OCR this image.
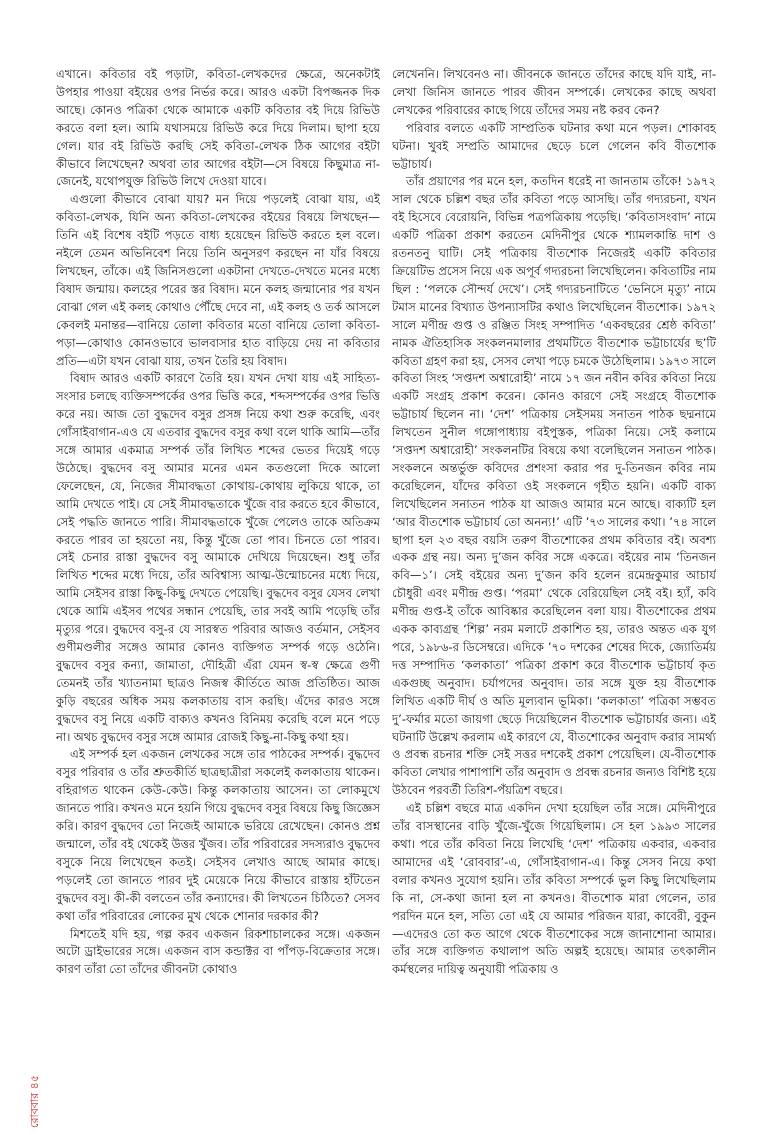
এখানে। কবিতার বই পড়াটা, কবিতা-লেখকদের ক্ষেত্রে, অনেকটাই উপহার পাওয়া বইয়ের ওপর নির্ভর করে। আরও একটা বিপজ্জনক দিক আছে। কোনও পত্রিকা থেকে আমাকে একটি কবিতার বই দিয়ে রিভিউ করতে বলা হল। আমি যথাসময়ে রিভিউ করে দিয়ে দিলাম। ছাপা হয়ে গেল। যার বই রিভিউ করছি সেই কবিতা-লেখক ঠিক আগের বইটা কীভাবে লিখেছেন? অথবা তার আগের বইটা—সে বিষয়ে কিছুমাত্র না-জেনেই, যথোপযুক্ত রিভিউ লিখে দেওয়া যাবে।

এগুলো কীভাবে বোঝা যায়? মন দিয়ে পড়লেই বোঝা যায়, এই কবিতা-লেখক, যিনি অন্য কবিতা-লেখকের বইয়ের বিষয়ে লিখছেন—তিনি এই বিশেষ বইটি পড়তে বাধ্য হয়েছেন রিভিউ করতে হল বলে। নইলে তেমন অভিনিবেশ নিয়ে তিনি অনুসরণ করছেন না যাঁর বিষয়ে লিখছেন, তাঁকে। এই জিনিসগুলো একটানা দেখতে-দেখতে মনের মধ্যে বিষাদ জন্মায়। কলহের পরের স্তর বিষাদ। মনে কলহ জন্মানোর পর যখন বোঝা গেল এই কলহ কোথাও পৌঁছে দেবে না, এই কলহ ও তর্ক আসলে কেবলই মনান্তর—বানিয়ে তোলা কবিতার মতো বানিয়ে তোলা কবিতা-পড়া—কোথাও কোনওভাবে ভালবাসার হাত বাড়িয়ে দেয় না কবিতার প্রতি—এটা যখন বোঝা যায়, তখন তৈরি হয় বিষাদ।

বিষাদ আরও একটি কারণে তৈরি হয়। যখন দেখা যায় এই সাহিত্য-সংসার চলছে ব্যক্তিসম্পর্কের ওপর ভিত্তি করে, শব্দসম্পর্কের ওপর ভিত্তি করে নয়। আজ তো বুদ্ধদেব বসুর প্রসঙ্গ নিয়ে কথা শুরু করেছি, এবং গোঁসাইবাগান-এও যে এতবার বুদ্ধদেব বসুর কথা বলে থাকি আমি—তাঁর সঙ্গে আমার একমাত্র সম্পর্ক তাঁর লিখিত শব্দের ভেতর দিয়েই গড়ে উঠেছে। বুদ্ধদেব বসু আমার মনের এমন কতগুলো দিকে আলো ফেলেছেন, যে, নিজের সীমাবদ্ধতা কোথায়-কোথায় লুকিয়ে থাকে, তা আমি দেখতে পাই। যে সেই সীমাবদ্ধতাকে খুঁজে বার করতে হবে কীভাবে, সেই পদ্ধতি জানতে পারি। সীমাবদ্ধতাকে খুঁজে পেলেও তাকে অতিক্রম করতে পারব তা হয়তো নয়, কিন্তু খুঁজে তো পাব। চিনতে তো পারব। সেই চেনার রাস্তা বুদ্ধদেব বসু আমাকে দেখিয়ে দিয়েছেন। শুধু তাঁর লিখিত শব্দের মধ্যে দিয়ে, তাঁর অবিশ্বাস্য আত্ম-উন্মোচনের মধ্যে দিয়ে, আমি সেইসব রাস্তা কিছু-কিছু দেখতে পেয়েছি। বুদ্ধদেব বসুর যেসব লেখা থেকে আমি এইসব পথের সন্ধান পেয়েছি, তার সবই আমি পড়েছি তাঁর মৃত্যুর পরে। বুদ্ধদেব বসু-র যে সারস্বত পরিবার আজও বর্তমান, সেইসব গুণীমণ্ডলীর সঙ্গেও আমার কোনও ব্যক্তিগত সম্পর্ক গড়ে ওঠেনি। বুদ্ধদেব বসুর কন্যা, জামাতা, দৌহিত্রী এঁরা যেমন স্ব-স্ব ক্ষেত্রে গুণী তেমনই তাঁর খ্যাতনামা ছাত্রও নিজস্ব কীর্তিতে আজ প্রতিষ্ঠিত। আজ কুড়ি বছরের অধিক সময় কলকাতায় বাস করছি। এঁদের কারও সঙ্গে বুদ্ধদেব বসু নিয়ে একটি বাক্যও কখনও বিনিময় করেছি বলে মনে পড়ে না। অথচ বুদ্ধদেব বসুর সঙ্গে আমার রোজই কিছু-না-কিছু কথা হয়।

এই সম্পর্ক হল একজন লেখকের সঙ্গে তার পাঠকের সম্পর্ক। বুদ্ধদেব বসুর পরিবার ও তাঁর শ্রুতকীর্তি ছাত্রছাত্রীরা সকলেই কলকাতায় থাকেন। বহিরাগত থাকেন কেউ-কেউ। কিন্তু কলকাতায় আসেন। তা লোকমুখে জানতে পারি। কখনও মনে হয়নি গিয়ে বুদ্ধদেব বসুর বিষয়ে কিছু জিজ্ঞেস করি। কারণ বুদ্ধদেব তো নিজেই আমাকে ভরিয়ে রেখেছেন। কোনও প্রশ্ন জন্মালে, তাঁর বই থেকেই উত্তর খুঁজব। তাঁর পরিবারের সদস্যরাও বুদ্ধদেব বসুকে নিয়ে লিখেছেন কতই। সেইসব লেখাও আছে আমার কাছে। পড়লেই তো জানতে পারব দুই মেয়েকে নিয়ে কীভাবে রাস্তায় হাঁটতেন বুদ্ধদেব বসু। কী-কী বলতেন তাঁর কন্যাদের। কী লিখতেন চিঠিতে? সেসব কথা তাঁর পরিবারের লোকের মুখ থেকে শোনার দরকার কী?

মিশতেই যদি হয়, গল্প করব একজন রিকশাচালকের সঙ্গে। একজন অটো ড্রাইভারের সঙ্গে। একজন বাস কন্ডাক্টর বা পাঁপড়-বিক্রেতার সঙ্গে। কারণ তাঁরা তো তাঁদের জীবনটা কোথাও

লেখেননি। লিখবেনও না। জীবনকে জানতে তাঁদের কাছে যদি যাই, না-লেখা জিনিস জানতে পারব জীবন সম্পর্কে। লেখকের কাছে অথবা লেখকের পরিবারের কাছে গিয়ে তাঁদের সময় নষ্ট করব কেন?

পরিবার বলতে একটি সাম্প্রতিক ঘটনার কথা মনে পড়ল। শোকাবহ ঘটনা। খুবই সম্প্রতি আমাদের ছেড়ে চলে গেলেন কবি বীতশোক ভট্টাচার্য।

তাঁর প্রয়াণের পর মনে হল, কতদিন ধরেই না জানতাম তাঁকে! ১৯৭২ সাল থেকে চল্লিশ বছর তাঁর কবিতা পড়ে আসছি। তাঁর গদ্যরচনা, যখন বই হিসেবে বেরোয়নি, বিভিন্ন পত্রপত্রিকায় পড়েছি। ‘কবিতাসংবাদ’ নামে একটি পত্রিকা প্রকাশ করতেন মেদিনীপুর থেকে শ্যামলকান্তি দাশ ও রতনতনু ঘাটি। সেই পত্রিকায় বীতশোক নিজেরই একটি কবিতার ক্রিয়েটিভ প্রসেস নিয়ে এক অপূর্ব গদ্যরচনা লিখেছিলেন। কবিতাটির নাম ছিল : ‘পলকে সৌন্দর্য দেখে’। সেই গদ্যরচনাটিতে ‘ভেনিসে মৃত্যু’ নামে টমাস মানের বিখ্যাত উপন্যাসটির কথাও লিখেছিলেন বীতশোক। ১৯৭২ সালে মণীন্দ্র গুপ্ত ও রঞ্জিত সিংহ সম্পাদিত ‘একবছরের শ্রেষ্ঠ কবিতা’ নামক ঐতিহাসিক সংকলনমালার প্রথমটিতে বীতশোক ভট্টাচার্যের ছ’টি কবিতা গ্রহণ করা হয়, সেসব লেখা পড়ে চমকে উঠেছিলাম। ১৯৭৩ সালে কবিতা সিংহ ‘সপ্তদশ অশ্বারোহী’ নামে ১৭ জন নবীন কবির কবিতা নিয়ে একটি সংগ্রহ প্রকাশ করেন। কোনও কারণে সেই সংগ্রহে বীতশোক ভট্টাচার্য ছিলেন না। ‘দেশ’ পত্রিকায় সেইসময় সনাতন পাঠক ছদ্মনামে লিখতেন সুনীল গঙ্গোপাধ্যায় বইপুস্তক, পত্রিকা নিয়ে। সেই কলামে ‘সপ্তদশ অশ্বারোহী’ সংকলনটির বিষয়ে কথা বলেছিলেন সনাতন পাঠক। সংকলনে অন্তর্ভুক্ত কবিদের প্রশংসা করার পর দু-তিনজন কবির নাম করেছিলেন, যাঁদের কবিতা ওই সংকলনে গৃহীত হয়নি। একটি বাক্য লিখেছিলেন সনাতন পাঠক যা আজও আমার মনে আছে। বাক্যটি হল ‘আর বীতশোক ভট্টাচার্য তো অনন্য!’ এটি ’৭৩ সালের কথা। ’৭৪ সালে ছাপা হল ২৩ বছর বয়সি তরুণ বীতশোকের প্রথম কবিতার বই। অবশ্য একক গ্রন্থ নয়। অন্য দু’জন কবির সঙ্গে একত্রে। বইয়ের নাম ‘তিনজন কবি—১’। সেই বইয়ের অন্য দু’জন কবি হলেন রমেন্দ্রকুমার আচার্য চৌধুরী এবং মণীন্দ্র গুপ্ত। ‘পরমা’ থেকে বেরিয়েছিল সেই বই। হ্যাঁ, কবি মণীন্দ্র গুপ্ত-ই তাঁকে আবিষ্কার করেছিলেন বলা যায়। বীতশোকের প্রথম একক কাব্যগ্রন্থ ‘শিল্প’ নরম মলাটে প্রকাশিত হয়, তারও অন্তত এক যুগ পরে, ১৯৮৬-র ডিসেম্বরে। এদিকে ’৭০ দশকের শেষের দিকে, জ্যোতির্ময় দত্ত সম্পাদিত ‘কলকাতা’ পত্রিকা প্রকাশ করে বীতশোক ভট্টাচার্য কৃত একগুচ্ছ অনুবাদ। চর্যাপদের অনুবাদ। তার সঙ্গে যুক্ত হয় বীতশোক লিখিত একটি দীর্ঘ ও অতি মূল্যবান ভূমিকা। ‘কলকাতা’ পত্রিকা সম্ভবত দু’-ফর্মার মতো জায়গা ছেড়ে দিয়েছিলেন বীতশোক ভট্টাচার্যর জন্য। এই ঘটনাটি উল্লেখ করলাম এই কারণে যে, বীতশোকের অনুবাদ করার সামর্থ্য ও প্রবন্ধ রচনার শক্তি সেই সত্তর দশকেই প্রকাশ পেয়েছিল। যে-বীতশোক কবিতা লেখার পাশাপাশি তাঁর অনুবাদ ও প্রবন্ধ রচনার জন্যও বিশিষ্ট হয়ে উঠবেন পরবর্তী তিরিশ-পঁয়ত্রিশ বছরে।

এই চল্লিশ বছরে মাত্র একদিন দেখা হয়েছিল তাঁর সঙ্গে। মেদিনীপুরে তাঁর বাসস্থানের বাড়ি খুঁজে-খুঁজে গিয়েছিলাম। সে হল ১৯৯৩ সালের কথা। পরে তাঁর কবিতা নিয়ে লিখেছি ‘দেশ’ পত্রিকায় একবার, একবার আমাদের এই ‘রোববার’-এ, গোঁসাইবাগান-এ। কিন্তু সেসব নিয়ে কথা বলার কখনও সুযোগ হয়নি। তাঁর কবিতা সম্পর্কে ভুল কিছু লিখেছিলাম কি না, সে-কথা জানা হল না কখনও। বীতশোক মারা গেলেন, তার পরদিন মনে হল, সত্যি তো এই যে আমার পরিজন যারা, কাবেরী, বুকুন—এদেরও তো কত আগে থেকে বীতশোকের সঙ্গে জানাশোনা আমার। তাঁর সঙ্গে ব্যক্তিগত কথালাপ অতি অল্পই হয়েছে। আমার তৎকালীন কর্মস্থলের দায়িত্ব অনুযায়ী পত্রিকায় ও

রোববার ৪৫
